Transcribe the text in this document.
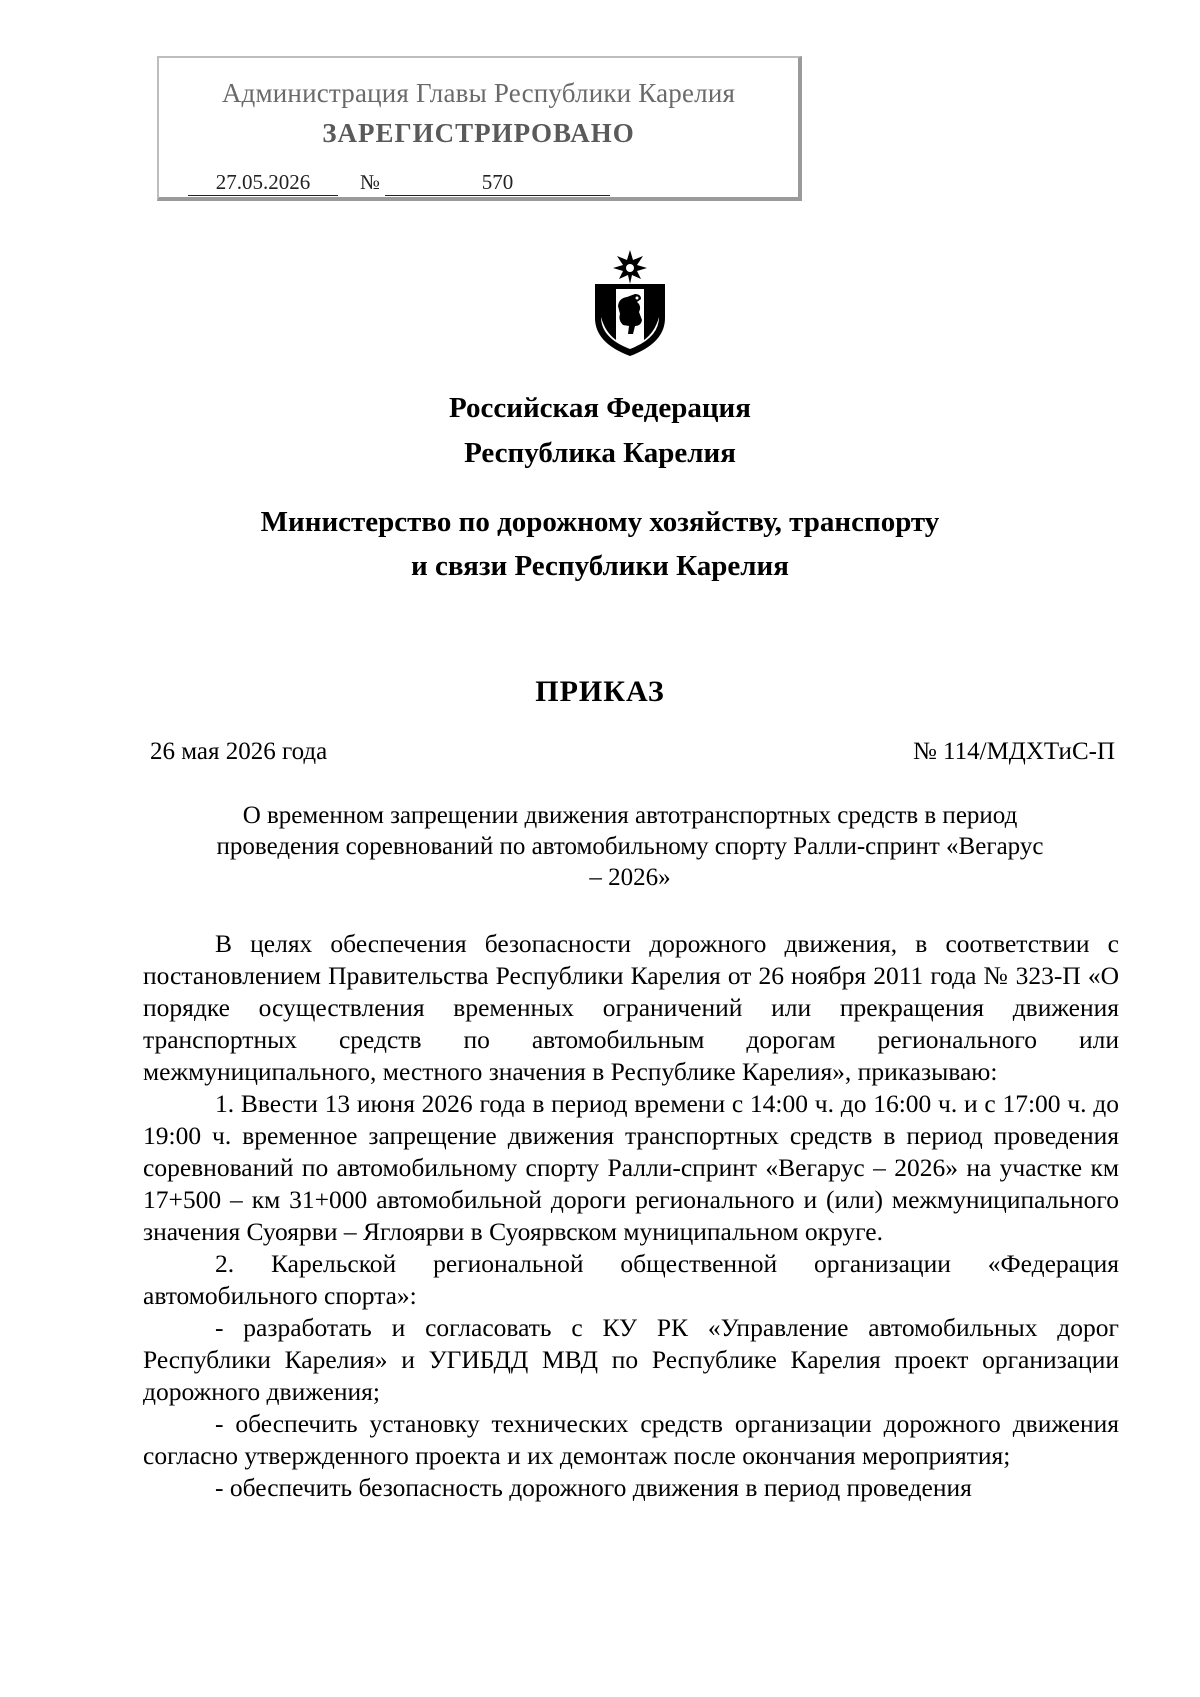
Администрация Главы Республики Карелия
ЗАРЕГИСТРИРОВАНО
27.05.2026	№	570
Российская Федерация
Республика Карелия
Министерство по дорожному хозяйству, транспорту
и связи Республики Карелия
ПРИКАЗ
26 мая 2026 года	№ 114/МДХТиС-П
О временном запрещении движения автотранспортных средств в период проведения соревнований по автомобильному спорту Ралли-спринт «Вегарус – 2026»

В целях обеспечения безопасности дорожного движения, в соответствии с постановлением Правительства Республики Карелия от 26 ноября 2011 года № 323-П «О порядке осуществления временных ограничений или прекращения движения транспортных средств по автомобильным дорогам регионального или межмуниципального, местного значения в Республике Карелия», приказываю:

1. Ввести 13 июня 2026 года в период времени с 14:00 ч. до 16:00 ч. и с 17:00 ч. до 19:00 ч. временное запрещение движения транспортных средств в период проведения соревнований по автомобильному спорту Ралли-спринт «Вегарус – 2026» на участке км 17+500 – км 31+000 автомобильной дороги регионального и (или) межмуниципального значения Суоярви – Яглоярви в Суоярвском муниципальном округе.

2. Карельской региональной общественной организации «Федерация автомобильного спорта»:

- разработать и согласовать с КУ РК «Управление автомобильных дорог Республики Карелия» и УГИБДД МВД по Республике Карелия проект организации дорожного движения;

- обеспечить установку технических средств организации дорожного движения согласно утвержденного проекта и их демонтаж после окончания мероприятия;

- обеспечить безопасность дорожного движения в период проведения
